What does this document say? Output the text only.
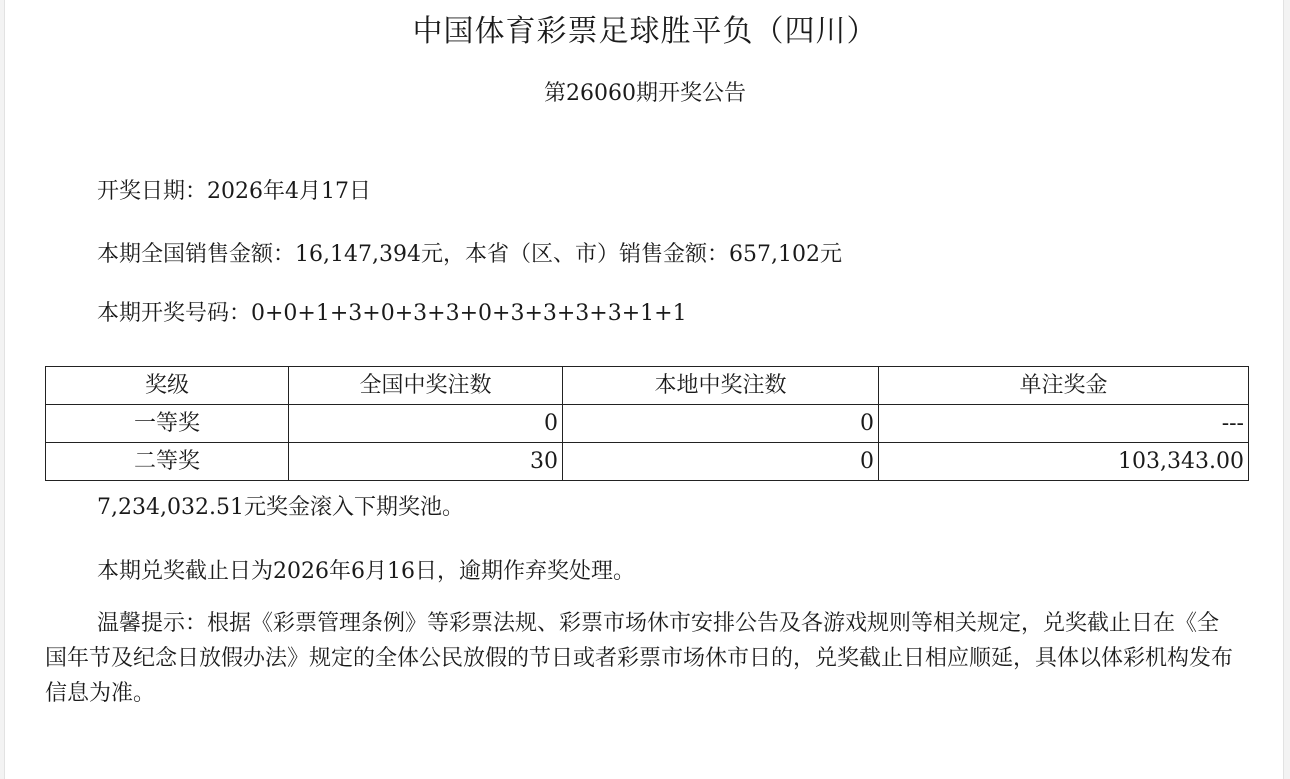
中国体育彩票足球胜平负（四川）
第26060期开奖公告
开奖日期：2026年4月17日
本期全国销售金额：16,147,394元，本省（区、市）销售金额：657,102元
本期开奖号码：0+0+1+3+0+3+3+0+3+3+3+3+1+1
奖级	全国中奖注数	本地中奖注数	单注奖金
一等奖	0	0	---
二等奖	30	0	103,343.00
7,234,032.51元奖金滚入下期奖池。
本期兑奖截止日为2026年6月16日，逾期作弃奖处理。
温馨提示：根据《彩票管理条例》等彩票法规、彩票市场休市安排公告及各游戏规则等相关规定，兑奖截止日在《全国年节及纪念日放假办法》规定的全体公民放假的节日或者彩票市场休市日的，兑奖截止日相应顺延，具体以体彩机构发布信息为准。
